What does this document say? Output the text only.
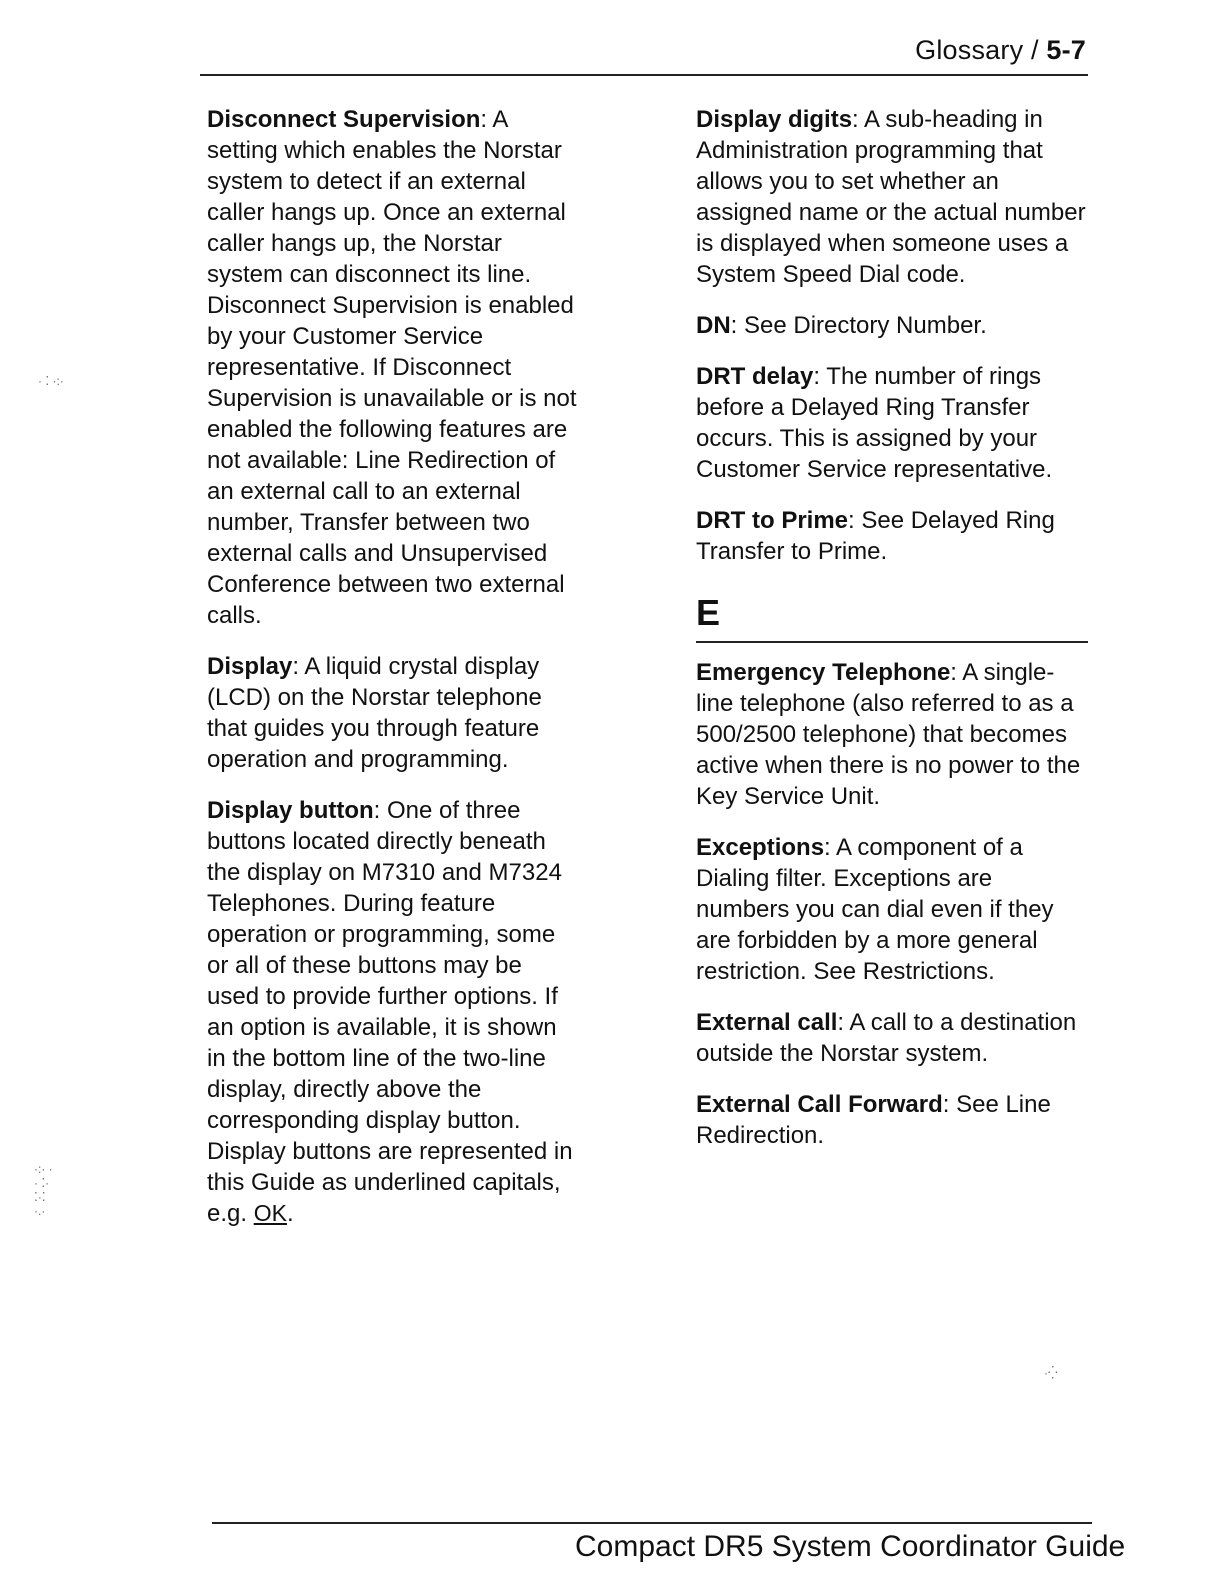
Glossary / 5-7

Disconnect Supervision: A setting which enables the Norstar system to detect if an external caller hangs up. Once an external caller hangs up, the Norstar system can disconnect its line. Disconnect Supervision is enabled by your Customer Service representative. If Disconnect Supervision is unavailable or is not enabled the following features are not available: Line Redirection of an external call to an external number, Transfer between two external calls and Unsupervised Conference between two external calls.

Display: A liquid crystal display (LCD) on the Norstar telephone that guides you through feature operation and programming.

Display button: One of three buttons located directly beneath the display on M7310 and M7324 Telephones. During feature operation or programming, some or all of these buttons may be used to provide further options. If an option is available, it is shown in the bottom line of the two-line display, directly above the corresponding display button. Display buttons are represented in this Guide as underlined capitals, e.g. OK.

Display digits: A sub-heading in Administration programming that allows you to set whether an assigned name or the actual number is displayed when someone uses a System Speed Dial code.

DN: See Directory Number.

DRT delay: The number of rings before a Delayed Ring Transfer occurs. This is assigned by your Customer Service representative.

DRT to Prime: See Delayed Ring Transfer to Prime.

E

Emergency Telephone: A single-line telephone (also referred to as a 500/2500 telephone) that becomes active when there is no power to the Key Service Unit.

Exceptions: A component of a Dialing filter. Exceptions are numbers you can dial even if they are forbidden by a more general restriction. See Restrictions.

External call: A call to a destination outside the Norstar system.

External Call Forward: See Line Redirection.

Compact DR5 System Coordinator Guide
· ⁚ ·:·
·:· ·
· ⁚·
⁚·⁚
·.·
·⁛
